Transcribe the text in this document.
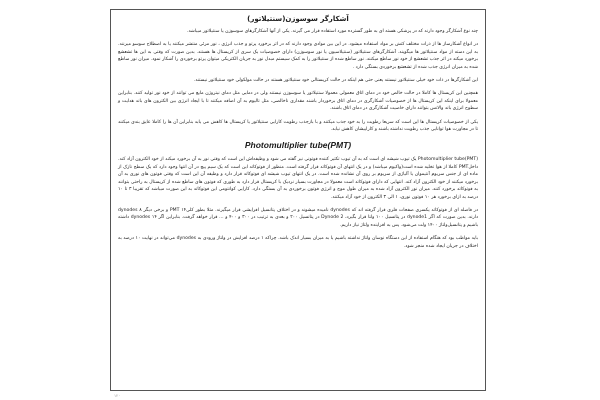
آشکارگر سوسوزن(سنتیلاتور)

چند نوع آشکارگر وجود دارند که در پزشکی هسته ای به طور گسترده مورد استفاده قرار می گیرند. یکی از آنها آشکارگرهای سوسوزن یا سنتیلاتور میباشد.

در انواع آشکارساز ها از ذرات مختلف کتش بر مواد استفاده میشود. در این بین موادی وجود دارند که در اثر برخورد پرتو و جذب انرژی ، نور مرئی منتشر میکنند یا به اصطلاح سوسو میزنند. به این دسته از مواد سنتیلاتور ها میگویند. آشکارگرهای سنتیلاتور (سنتیلاسیون یا نور سوسوزن) دارای خصوصیات یک سری از کریستال ها هستند. بدین صورت که وقتی به این ها تشعشع برخورد میکند در اثر جذب تشعشع از خود نور ساطع میکنند. نور ساطع شده از سنتیلاتور را به کمک سیستم مبدل نور به جریان الکتریکی میتوان پرتو برخوردی را آشکار نمود. میزان نور ساطع شده به میزان انرژی جذب شده از تشعشع برخوردی بستگی دارد .

این آشکارگرها در ذات خود خیلی سنتیلاتور نیستند یعنی حتی هم اینکه در حالت کریستالی خود سنتیلاتور هستند در حالت مولکولی خود سنتیلاتور نیستند.

همچنین این کریستال ها کاملا در حالت خالص خود در دمای اتاق معمولی معمولا سنتیلاتور یا سوسوزن نیستند ولی در دمایی مثل دمای نیتروژن مایع می توانند از خود نور تولید کنند. بنابراین معمولا برای اینکه این کریستال ها از خصوصیات آشکارگری در دمای اتاق برخوردار باشند مقداری ناخالصی، مثل تالیوم به آن اضافه میکنند تا با ایجاد انرژی بین الکترون های باند هدایت و سطوح انرژی باند والانس بتوانند دارای خاصیت آشکارگری در دمای اتاق باشند.

یکی از خصوصیات کریستال ها این است که سریعا رطوبت را به خود جذب میکنند و با بازجذب رطوبت کارایی سنتیلاتور یا کریستال ها کاهش می یابد بنابراین آن ها را کاملا عایق بندی میکنند تا در مجاورت هوا توانایی جذب رطوبت نداشته باشند و کاراییشان کاهش نیابد.

Photomultiplier tube(PMT)

(Photomultiplier tube(PMT یک تیوب شیشه ای است که به آن تیوب تکثیر کننده فوتونی نیز گفته می شود و وظیفه‌اش این است که وقتی نور به آن برخورد میکند از خود الکترون آزاد کند. داخلPMT کاملا از هوا تخلیه شده است(واکیوم میباشد) و در یک انتهای آن فوتوکاتد قرار گرفته است. منظور از فوتوکاتد این است که یک سیم پیچ در آن انتها وجود دارد که یک سطح نازک از ماده ای از جنس سزیوم آنتیموان یا آلیاژی از سزیوم بر روی آن نشانده شده است. در یک انتهای تیوب شیشه ای فوتوکاتد قرار دارد و وظیفه آن این است که وقتی فوتون های نوری به آن برخورد میکنند از خود الکترون آزاد کند. انتهایی که دارای فوتوکاتد است معمولا در مجاورت بسیار نزدیک با کریستال قرار دارد به طوری که فوتون های ساطع شده از کریستال به راحتی بتوانند به فوتوکاتد برخورد کنند. میزان نور الکترون آزاد شده به میزان طول موج و انرژی فوتون برخوردی به آن بستگی دارد. کارایی کوانتومی این فوتوکاتد به این صورت میباشد که تقریبا ۳ تا ۱۰ درصد به ازای برخورد هر ۱۰ فوتون نوری، ۱ الی ۳ الکترون از خود آزاد میکنند.

در فاصله ای از فوتوکاتد یکسری صفحات فلزی قرار گرفته اند که dynodes نامیده میشوند و در اختلاف پتانسیل افزایشی قرار میگیرند. مثلا بطور کلیPMT ۱۴ و برخی دیگر ۸ dynodes دارند. بدین صورت که اگر dynode1 در پتانسیل ۱۰۰ ولتا قرار بگیرد، Dynode 2 در پتانسیل ۲۰۰ و بعدی به ترتیب در ۳۰۰ و ۴۰۰ و ... قرار خواهد گرفت. بنابراین اگر ۱۴ dynodes داشته باشیم و پتانسیل‌ولتاژ ۱۴۰۰ ولت می‌شود. پس به افزاینده ولتاژ نیاز داریم.

باید مواظب بود که هنگام استفاده از این دستگاه نوسان ولتاژ نداشته باشیم یا به میزان بسیار اندک باشد. چراکه ۱ درصد افزایش در ولتاژ ورودی به dynodes می‌تواند در نهایت ۱۰ درصد به اختلاف در جریان ایجاد شده منجر شود.

۱۲۰
